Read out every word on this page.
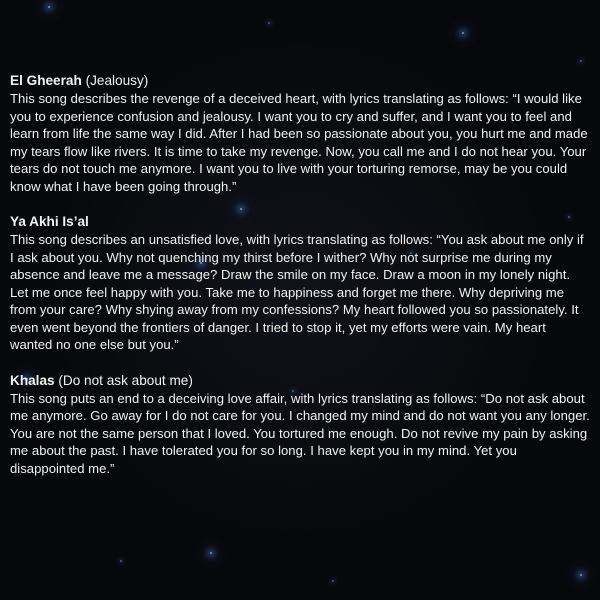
El Gheerah (Jealousy)

This song describes the revenge of a deceived heart, with lyrics translating as follows: “I would like you to experience confusion and jealousy. I want you to cry and suffer, and I want you to feel and learn from life the same way I did. After I had been so passionate about you, you hurt me and made my tears flow like rivers. It is time to take my revenge. Now, you call me and I do not hear you. Your tears do not touch me anymore. I want you to live with your torturing remorse, may be you could know what I have been going through.”

Ya Akhi Is’al

This song describes an unsatisfied love, with lyrics translating as follows: “You ask about me only if I ask about you. Why not quenching my thirst before I wither? Why not surprise me during my absence and leave me a message? Draw the smile on my face. Draw a moon in my lonely night. Let me once feel happy with you. Take me to happiness and forget me there. Why depriving me from your care? Why shying away from my confessions? My heart followed you so passionately. It even went beyond the frontiers of danger. I tried to stop it, yet my efforts were vain. My heart wanted no one else but you.”

Khalas (Do not ask about me)

This song puts an end to a deceiving love affair, with lyrics translating as follows: “Do not ask about me anymore. Go away for I do not care for you. I changed my mind and do not want you any longer. You are not the same person that I loved. You tortured me enough. Do not revive my pain by asking me about the past. I have tolerated you for so long. I have kept you in my mind. Yet you disappointed me.”
